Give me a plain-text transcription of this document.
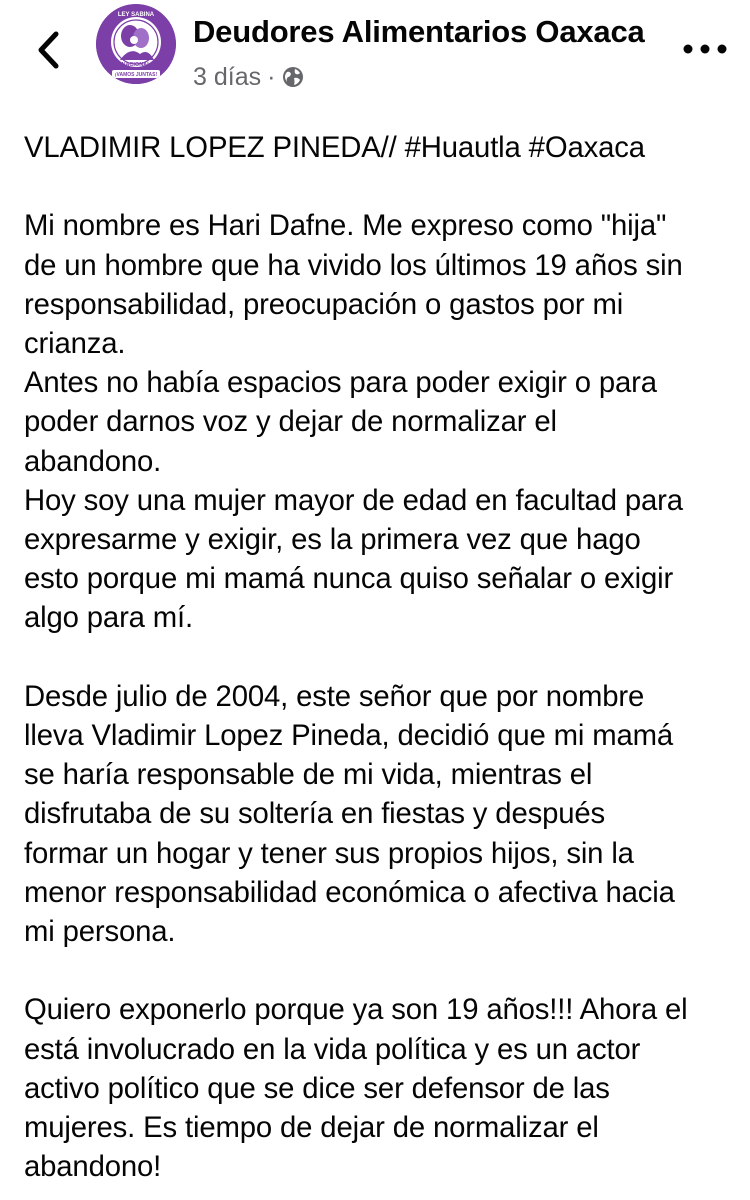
LEY SABINA
NACIONAL
¡VAMOS JUNTAS!
Deudores Alimentarios Oaxaca
3 días ·

VLADIMIR LOPEZ PINEDA// #Huautla #Oaxaca

Mi nombre es Hari Dafne. Me expreso como "hija"
de un hombre que ha vivido los últimos 19 años sin
responsabilidad, preocupación o gastos por mi
crianza.
Antes no había espacios para poder exigir o para
poder darnos voz y dejar de normalizar el
abandono.
Hoy soy una mujer mayor de edad en facultad para
expresarme y exigir, es la primera vez que hago
esto porque mi mamá nunca quiso señalar o exigir
algo para mí.

Desde julio de 2004, este señor que por nombre
lleva Vladimir Lopez Pineda, decidió que mi mamá
se haría responsable de mi vida, mientras el
disfrutaba de su soltería en fiestas y después
formar un hogar y tener sus propios hijos, sin la
menor responsabilidad económica o afectiva hacia
mi persona.

Quiero exponerlo porque ya son 19 años!!! Ahora el
está involucrado en la vida política y es un actor
activo político que se dice ser defensor de las
mujeres. Es tiempo de dejar de normalizar el
abandono!
